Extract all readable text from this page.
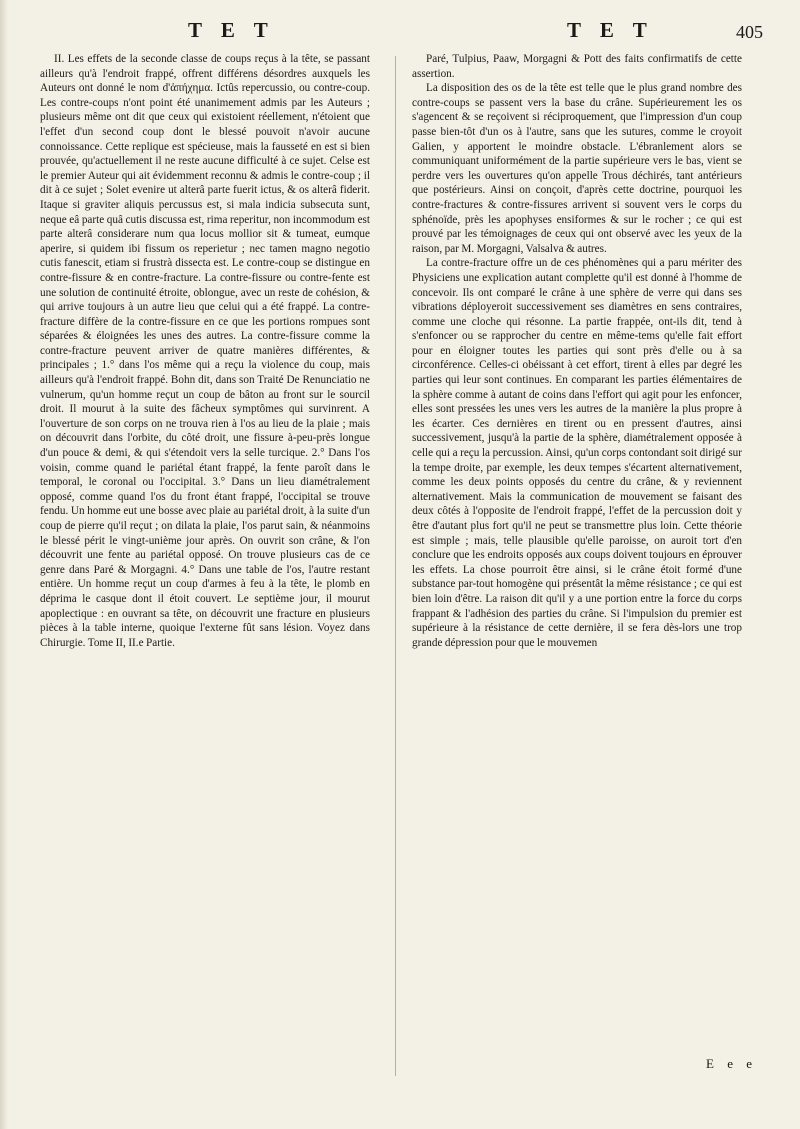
T E T	T E T	405

II. Les effets de la seconde classe de coups reçus à la tête, se passant ailleurs qu'à l'endroit frappé, offrent différens désordres auxquels les Auteurs ont donné le nom d'ἀπήχημα. Ictûs repercussio, ou contre-coup. Les contre-coups n'ont point été unanimement admis par les Auteurs ; plusieurs même ont dit que ceux qui existoient réellement, n'étoient que l'effet d'un second coup dont le blessé pouvoit n'avoir aucune connoissance. Cette replique est spécieuse, mais la fausseté en est si bien prouvée, qu'actuellement il ne reste aucune difficulté à ce sujet. Celse est le premier Auteur qui ait évidemment reconnu & admis le contre-coup ; il dit à ce sujet ; Solet evenire ut alterâ parte fuerit ictus, & os alterâ fiderit. Itaque si graviter aliquis percussus est, si mala indicia subsecuta sunt, neque eâ parte quâ cutis discussa est, rima reperitur, non incommodum est parte alterâ considerare num qua locus mollior sit & tumeat, eumque aperire, si quidem ibi fissum os reperietur ; nec tamen magno negotio cutis fanescit, etiam si frustrà dissecta est. Le contre-coup se distingue en contre-fissure & en contre-fracture. La contre-fissure ou contre-fente est une solution de continuité étroite, oblongue, avec un reste de cohésion, & qui arrive toujours à un autre lieu que celui qui a été frappé. La contre-fracture diffère de la contre-fissure en ce que les portions rompues sont séparées & éloignées les unes des autres. La contre-fissure comme la contre-fracture peuvent arriver de quatre manières différentes, & principales ; 1.° dans l'os même qui a reçu la violence du coup, mais ailleurs qu'à l'endroit frappé. Bohn dit, dans son Traité De Renunciatio ne vulnerum, qu'un homme reçut un coup de bâton au front sur le sourcil droit. Il mourut à la suite des fâcheux symptômes qui survinrent. A l'ouverture de son corps on ne trouva rien à l'os au lieu de la plaie ; mais on découvrit dans l'orbite, du côté droit, une fissure à-peu-près longue d'un pouce & demi, & qui s'étendoit vers la selle turcique. 2.° Dans l'os voisin, comme quand le pariétal étant frappé, la fente paroît dans le temporal, le coronal ou l'occipital. 3.° Dans un lieu diamétralement opposé, comme quand l'os du front étant frappé, l'occipital se trouve fendu. Un homme eut une bosse avec plaie au pariétal droit, à la suite d'un coup de pierre qu'il reçut ; on dilata la plaie, l'os parut sain, & néanmoins le blessé périt le vingt-unième jour après. On ouvrit son crâne, & l'on découvrit une fente au pariétal opposé. On trouve plusieurs cas de ce genre dans Paré & Morgagni. 4.° Dans une table de l'os, l'autre restant entière. Un homme reçut un coup d'armes à feu à la tête, le plomb en déprima le casque dont il étoit couvert. Le septième jour, il mourut apoplectique : en ouvrant sa tête, on découvrit une fracture en plusieurs pièces à la table interne, quoique l'externe fût sans lésion. Voyez dans Chirurgie. Tome II, II.e Partie.

Paré, Tulpius, Paaw, Morgagni & Pott des faits confirmatifs de cette assertion.

La disposition des os de la tête est telle que le plus grand nombre des contre-coups se passent vers la base du crâne. Supérieurement les os s'agencent & se reçoivent si réciproquement, que l'impression d'un coup passe bien-tôt d'un os à l'autre, sans que les sutures, comme le croyoit Galien, y apportent le moindre obstacle. L'ébranlement alors se communiquant uniformément de la partie supérieure vers le bas, vient se perdre vers les ouvertures qu'on appelle Trous déchirés, tant antérieurs que postérieurs. Ainsi on conçoit, d'après cette doctrine, pourquoi les contre-fractures & contre-fissures arrivent si souvent vers le corps du sphénoïde, près les apophyses ensiformes & sur le rocher ; ce qui est prouvé par les témoignages de ceux qui ont observé avec les yeux de la raison, par M. Morgagni, Valsalva & autres.

La contre-fracture offre un de ces phénomènes qui a paru mériter des Physiciens une explication autant complette qu'il est donné à l'homme de concevoir. Ils ont comparé le crâne à une sphère de verre qui dans ses vibrations déployeroit successivement ses diamètres en sens contraires, comme une cloche qui résonne. La partie frappée, ont-ils dit, tend à s'enfoncer ou se rapprocher du centre en même-tems qu'elle fait effort pour en éloigner toutes les parties qui sont près d'elle ou à sa circonférence. Celles-ci obéissant à cet effort, tirent à elles par degré les parties qui leur sont continues. En comparant les parties élémentaires de la sphère comme à autant de coins dans l'effort qui agit pour les enfoncer, elles sont pressées les unes vers les autres de la manière la plus propre à les écarter. Ces dernières en tirent ou en pressent d'autres, ainsi successivement, jusqu'à la partie de la sphère, diamétralement opposée à celle qui a reçu la percussion. Ainsi, qu'un corps contondant soit dirigé sur la tempe droite, par exemple, les deux tempes s'écartent alternativement, comme les deux points opposés du centre du crâne, & y reviennent alternativement. Mais la communication de mouvement se faisant des deux côtés à l'opposite de l'endroit frappé, l'effet de la percussion doit y être d'autant plus fort qu'il ne peut se transmettre plus loin. Cette théorie est simple ; mais, telle plausible qu'elle paroisse, on auroit tort d'en conclure que les endroits opposés aux coups doivent toujours en éprouver les effets. La chose pourroit être ainsi, si le crâne étoit formé d'une substance par-tout homogène qui présentât la même résistance ; ce qui est bien loin d'être. La raison dit qu'il y a une portion entre la force du corps frappant & l'adhésion des parties du crâne. Si l'impulsion du premier est supérieure à la résistance de cette dernière, il se fera dès-lors une trop grande dépression pour que le mouvemen

E e e
